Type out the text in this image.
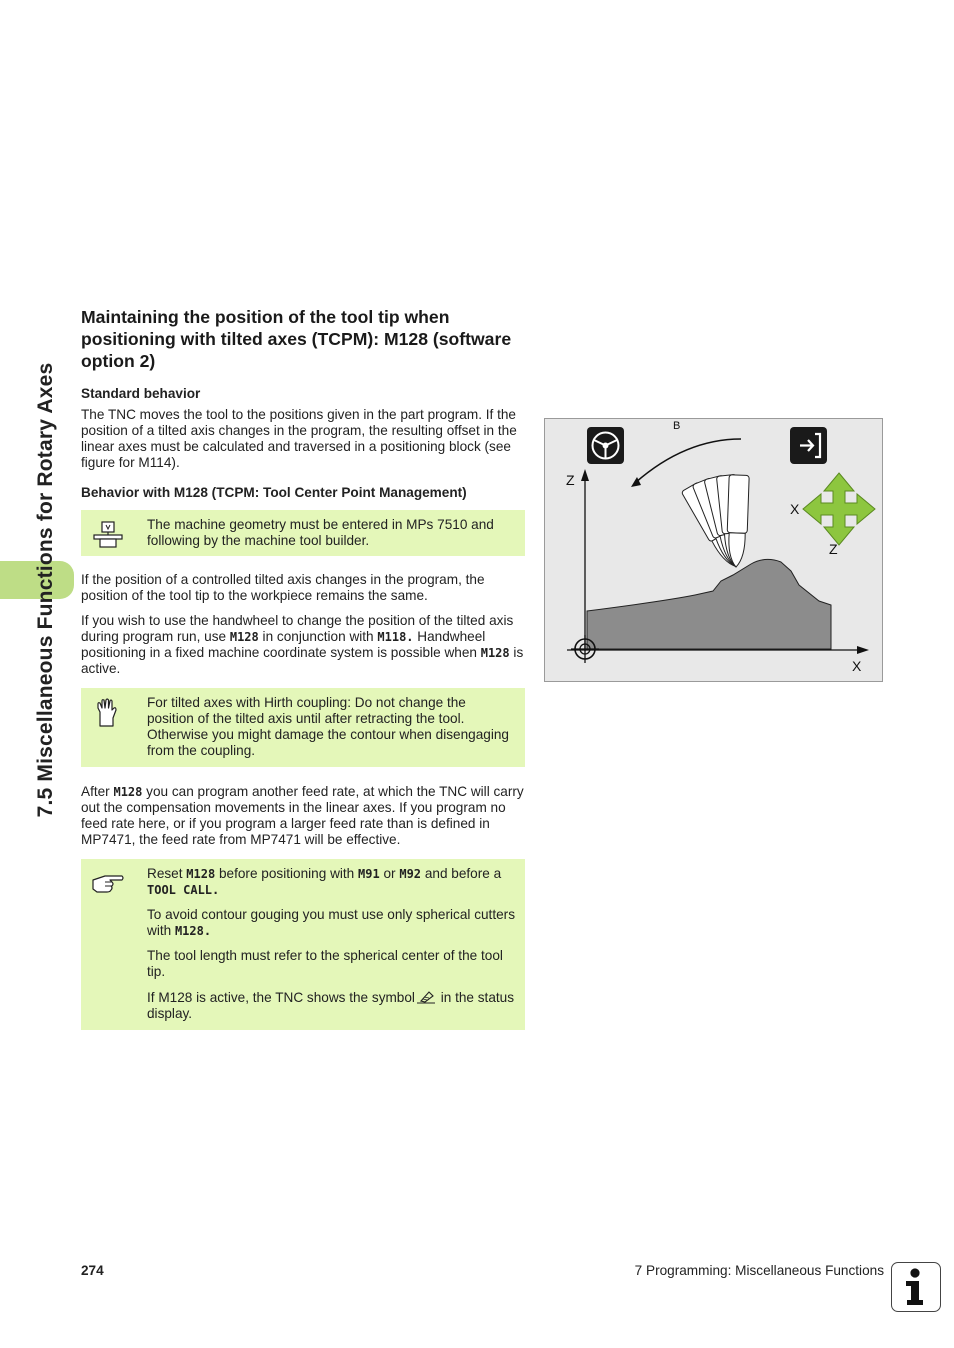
7.5 Miscellaneous Functions for Rotary Axes
Maintaining the position of the tool tip when positioning with tilted axes (TCPM): M128 (software option 2)
Standard behavior

The TNC moves the tool to the positions given in the part program. If the position of a tilted axis changes in the program, the resulting offset in the linear axes must be calculated and traversed in a positioning block (see figure for M114).

Behavior with M128 (TCPM: Tool Center Point Management)

The machine geometry must be entered in MPs 7510 and following by the machine tool builder.

If the position of a controlled tilted axis changes in the program, the position of the tool tip to the workpiece remains the same.

If you wish to use the handwheel to change the position of the tilted axis during program run, use M128 in conjunction with M118. Handwheel positioning in a fixed machine coordinate system is possible when M128 is active.

For tilted axes with Hirth coupling: Do not change the position of the tilted axis until after retracting the tool. Otherwise you might damage the contour when disengaging from the coupling.

After M128 you can program another feed rate, at which the TNC will carry out the compensation movements in the linear axes. If you program no feed rate here, or if you program a larger feed rate than is defined in MP7471, the feed rate from MP7471 will be effective.

Reset M128 before positioning with M91 or M92 and before a TOOL CALL.

To avoid contour gouging you must use only spherical cutters with M128.

The tool length must refer to the spherical center of the tool tip.

If M128 is active, the TNC shows the symbol in the status display.

Z
X
B
X
Z
274	7 Programming: Miscellaneous Functions
